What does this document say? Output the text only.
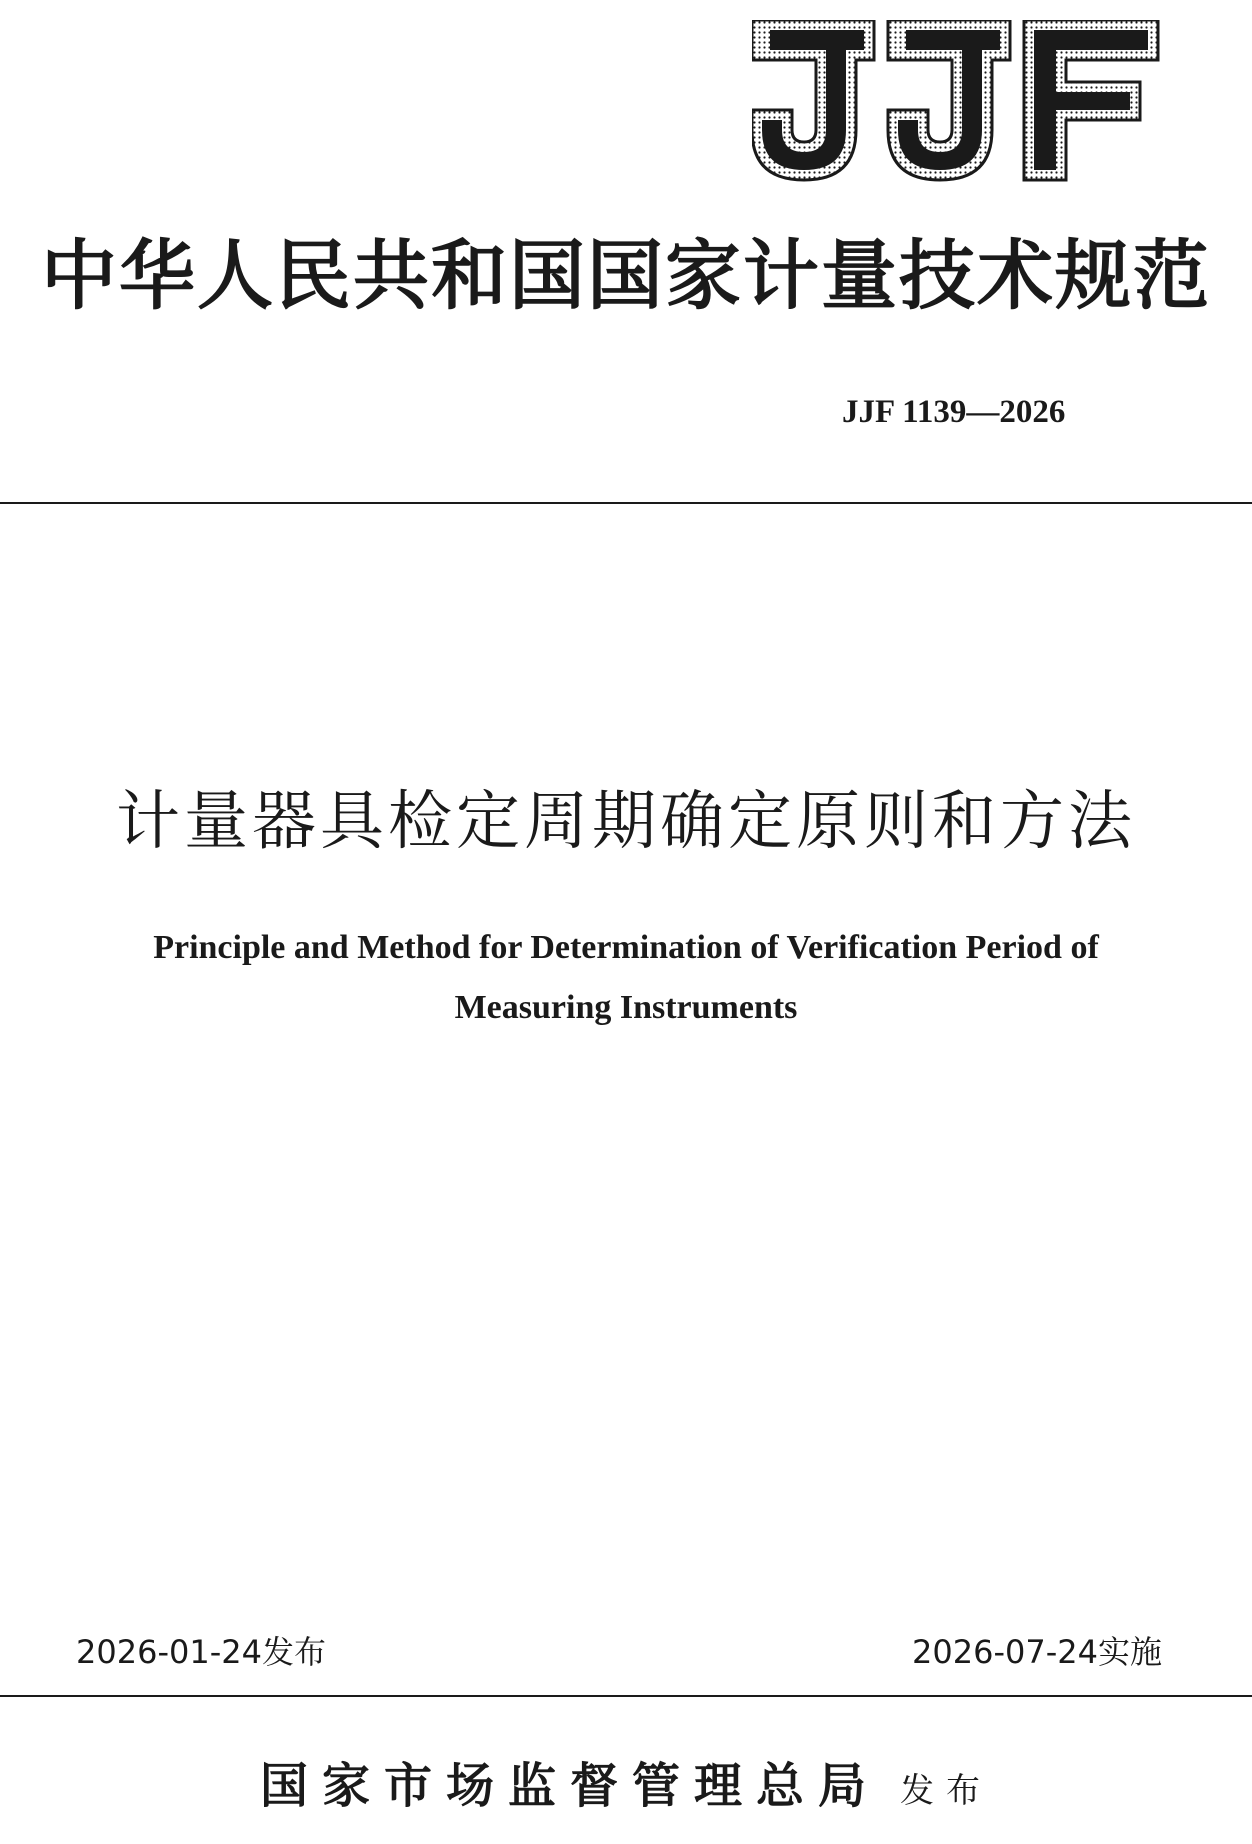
中华人民共和国国家计量技术规范
JJF 1139—2026
计量器具检定周期确定原则和方法
Principle and Method for Determination of Verification Period of
Measuring Instruments
2026-01-24发布	2026-07-24实施
国家市场监督管理总局 发布
